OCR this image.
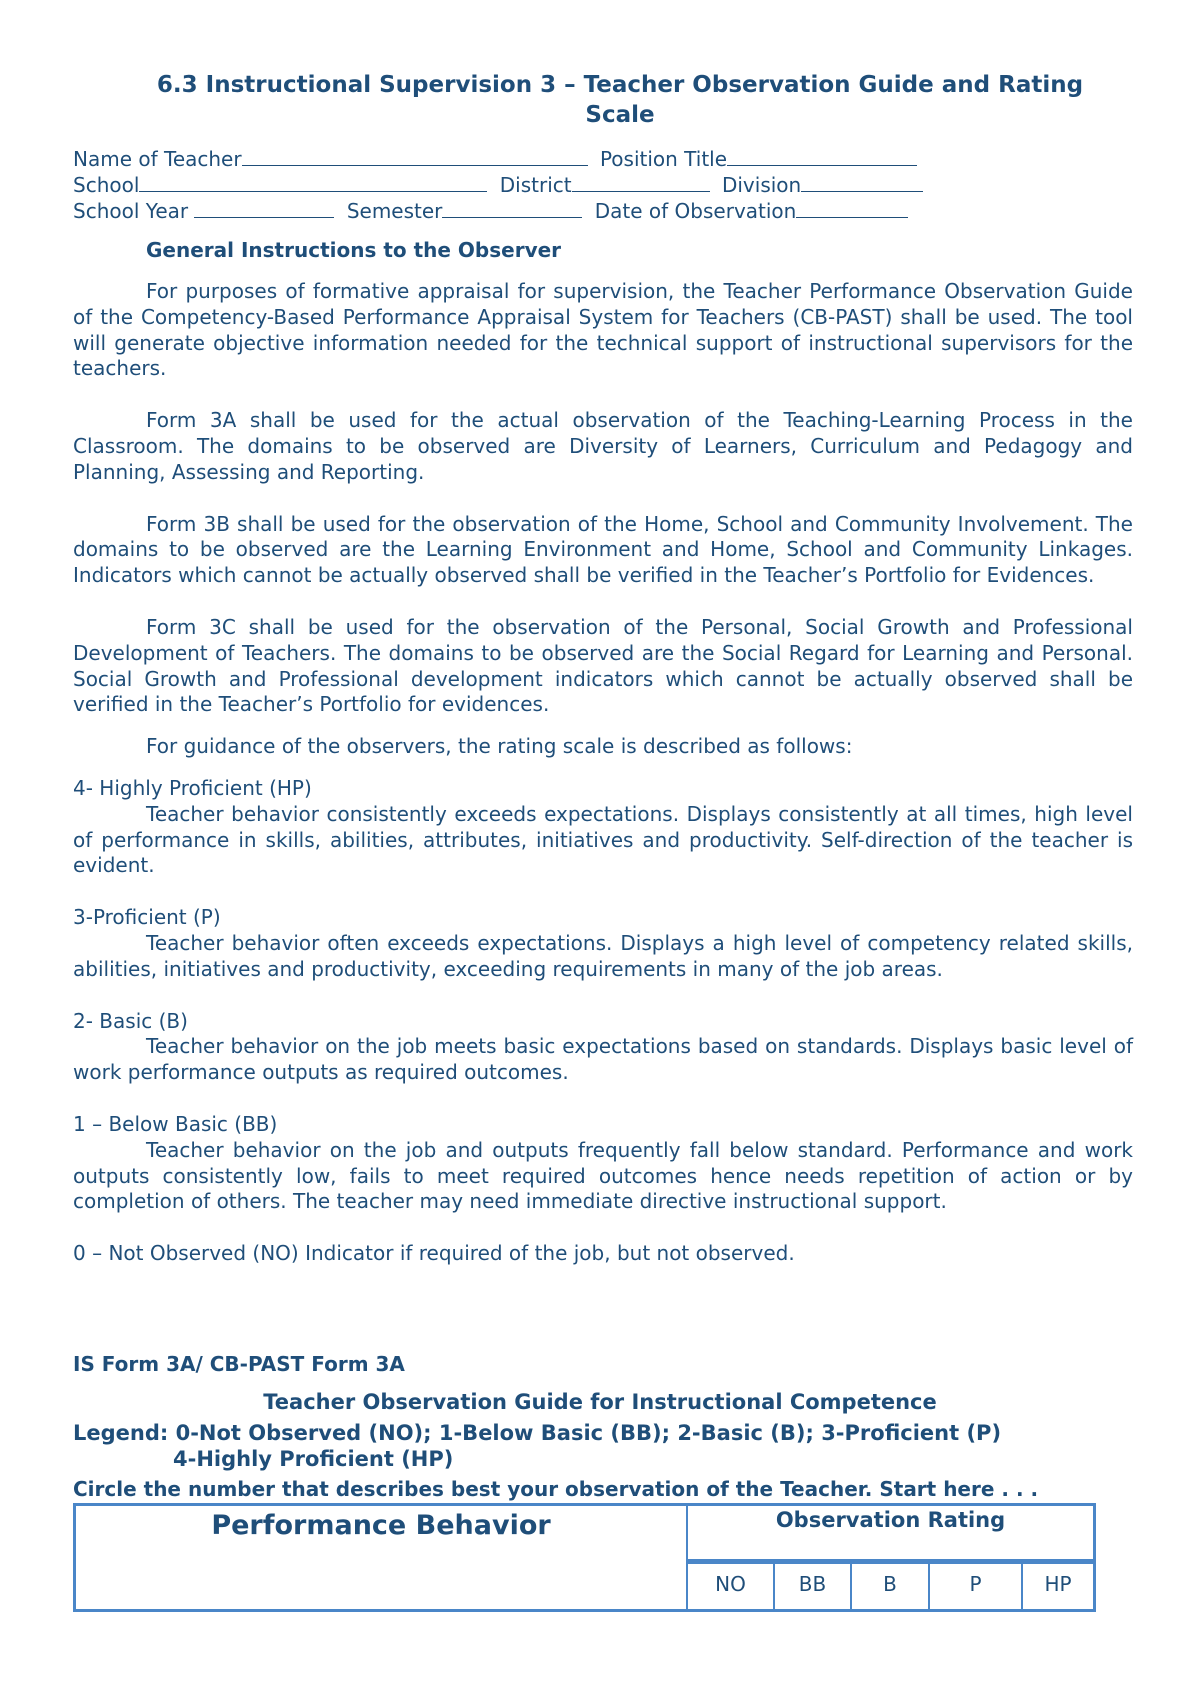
6.3 Instructional Supervision 3 – Teacher Observation Guide and Rating Scale
Name of Teacher	Position Title
School	District	Division
School Year	Semester	Date of Observation
General Instructions to the Observer

For purposes of formative appraisal for supervision, the Teacher Performance Observation Guide of the Competency-Based Performance Appraisal System for Teachers (CB-PAST) shall be used. The tool will generate objective information needed for the technical support of instructional supervisors for the teachers.

Form 3A shall be used for the actual observation of the Teaching-Learning Process in the Classroom. The domains to be observed are Diversity of Learners, Curriculum and Pedagogy and Planning, Assessing and Reporting.

Form 3B shall be used for the observation of the Home, School and Community Involvement. The domains to be observed are the Learning Environment and Home, School and Community Linkages. Indicators which cannot be actually observed shall be verified in the Teacher’s Portfolio for Evidences.

Form 3C shall be used for the observation of the Personal, Social Growth and Professional Development of Teachers. The domains to be observed are the Social Regard for Learning and Personal. Social Growth and Professional development indicators which cannot be actually observed shall be verified in the Teacher’s Portfolio for evidences.

For guidance of the observers, the rating scale is described as follows:

4- Highly Proficient (HP)

Teacher behavior consistently exceeds expectations. Displays consistently at all times, high level of performance in skills, abilities, attributes, initiatives and productivity. Self-direction of the teacher is evident.

3-Proficient (P)

Teacher behavior often exceeds expectations. Displays a high level of competency related skills, abilities, initiatives and productivity, exceeding requirements in many of the job areas.

2- Basic (B)

Teacher behavior on the job meets basic expectations based on standards. Displays basic level of work performance outputs as required outcomes.

1 – Below Basic (BB)

Teacher behavior on the job and outputs frequently fall below standard. Performance and work outputs consistently low, fails to meet required outcomes hence needs repetition of action or by completion of others. The teacher may need immediate directive instructional support.

0 – Not Observed (NO) Indicator if required of the job, but not observed.

IS Form 3A/ CB-PAST Form 3A
Teacher Observation Guide for Instructional Competence
Legend: 0-Not Observed (NO); 1-Below Basic (BB); 2-Basic (B); 3-Proficient (P)
4-Highly Proficient (HP)
Circle the number that describes best your observation of the Teacher. Start here . . .
Performance Behavior	Observation Rating				
	NO	BB	B	P	HP
